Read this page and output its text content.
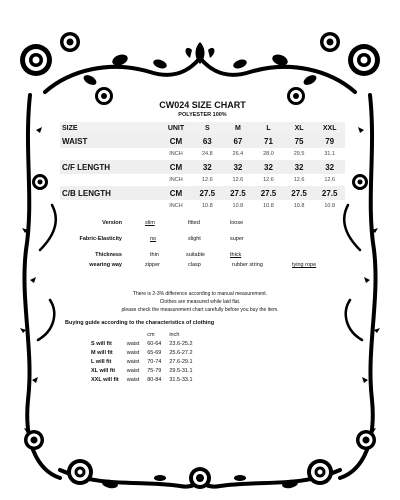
CW024 SIZE CHART

POLYESTER 100%

SIZE	UNIT	S	M	L	XL	XXL
WAIST	CM	63	67	71	75	79
	INCH	24.8	26.4	28.0	29.5	31.1
C/F LENGTH	CM	32	32	32	32	32
	INCH	12.6	12.6	12.6	12.6	12.6
C/B LENGTH	CM	27.5	27.5	27.5	27.5	27.5
	INCH	10.8	10.8	10.8	10.8	10.8
Version	slim	fitted	loose
Fabric-Elasticity	no	slight	super
Thickness	thin	suitable	thick
wearing way	zipper	clasp	rubber string	tying rope
There is 2-3% difference according to manual measurement.
Clothes are measured while laid flat.
please check the measurement chart carefully before you buy the item.
Buying guide according to the characteristics of clothing
		cm	inch
S will fit	waist	60-64	23.6-25.2
M will fit	waist	65-69	25.6-27.2
L will fit	waist	70-74	27.6-29.1
XL will fit	waist	75-79	29.5-31.1
XXL will fit	waist	80-84	31.5-33.1
